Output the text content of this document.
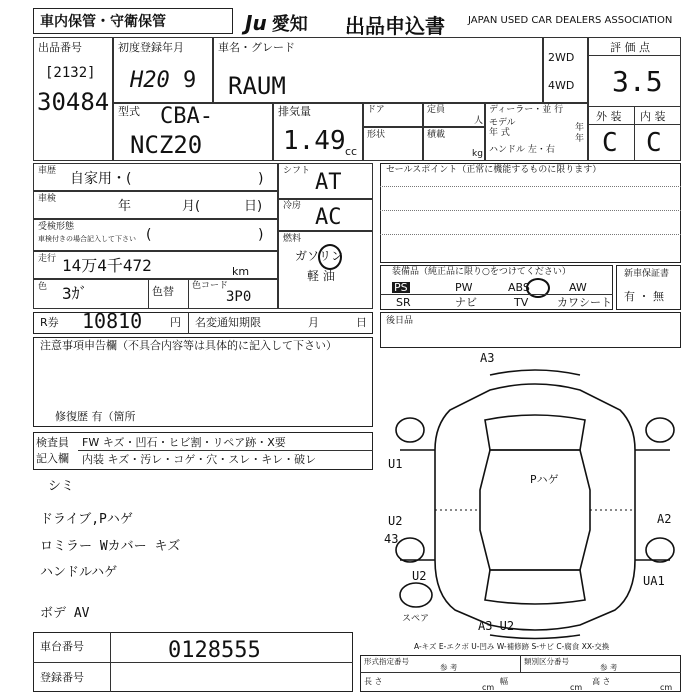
車内保管・守衛保管	Ju 愛知 出品申込書 JAPAN USED CAR DEALERS ASSOCIATION
出品番号
[2132]
30484
初度登録年月
H20 9
車名・グレード
RAUM
2WD
4WD
評 価 点
3.5
外 装 内 装
C C
型式 CBA-
NCZ20
排気量
1.49 cc
ドア	定員
人
形状	積載
kg
ディーラー・並 行
モデル	年
年 式
年
ハンドル 左・右
車歴 自家用・(	)
車検	年	月(	日)
受検形態
車検付きの場合記入して下さい (	)
走行 14万4千472	km
色 3ｶﾞ	色替 色コード
3P0
シフト AT
冷房 AC
燃料
ガソリン
軽 油
セールスポイント（正常に機能するものに限ります）
装備品（純正品に限り○をつけてください）
PS	PW	ABS	AW
SR	ナビ	TV	カワシート
新車保証書
有 ・ 無
R券 10810	円 名変通知期限	月	日 後日品
注意事項申告欄（不具合内容等は具体的に記入して下さい）
修復歴 有（箇所
検査員
記入欄
FW キズ・凹石・ヒビ割・リペア跡・X要
内装 キズ・汚レ・コゲ・穴・スレ・キレ・破レ
シミ
ドライブ,Pハゲ
ロミラー Wカバー キズ
ハンドルハゲ
ボデ AV
A3
U1
U2
43
A2
UA1
U2
A3 U2
Pハゲ
スペア
A-キズ E-エクボ U-凹み W-補修跡 S-サビ C-腐食 XX-交換
車台番号	0128555
登録番号
形式指定番号
参 考
類別区分番号
参 考
長 さ
cm
幅
cm
高 さ
cm
